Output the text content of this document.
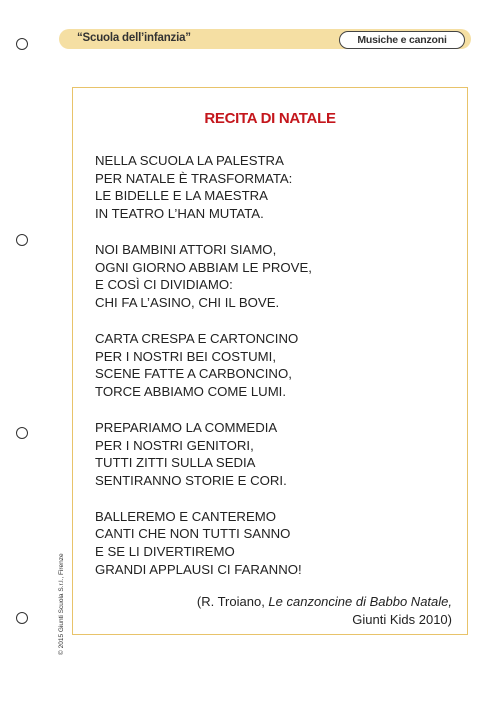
“Scuola dell’infanzia”	Musiche e canzoni
RECITA DI NATALE
NELLA SCUOLA LA PALESTRA
PER NATALE È TRASFORMATA:
LE BIDELLE E LA MAESTRA
IN TEATRO L’HAN MUTATA.
NOI BAMBINI ATTORI SIAMO,
OGNI GIORNO ABBIAM LE PROVE,
E COSÌ CI DIVIDIAMO:
CHI FA L’ASINO, CHI IL BOVE.
CARTA CRESPA E CARTONCINO
PER I NOSTRI BEI COSTUMI,
SCENE FATTE A CARBONCINO,
TORCE ABBIAMO COME LUMI.
PREPARIAMO LA COMMEDIA
PER I NOSTRI GENITORI,
TUTTI ZITTI SULLA SEDIA
SENTIRANNO STORIE E CORI.
BALLEREMO E CANTEREMO
CANTI CHE NON TUTTI SANNO
E SE LI DIVERTIREMO
GRANDI APPLAUSI CI FARANNO!
(R. Troiano, Le canzoncine di Babbo Natale,
Giunti Kids 2010)
© 2015 Giunti Scuola S.r.l., Firenze
